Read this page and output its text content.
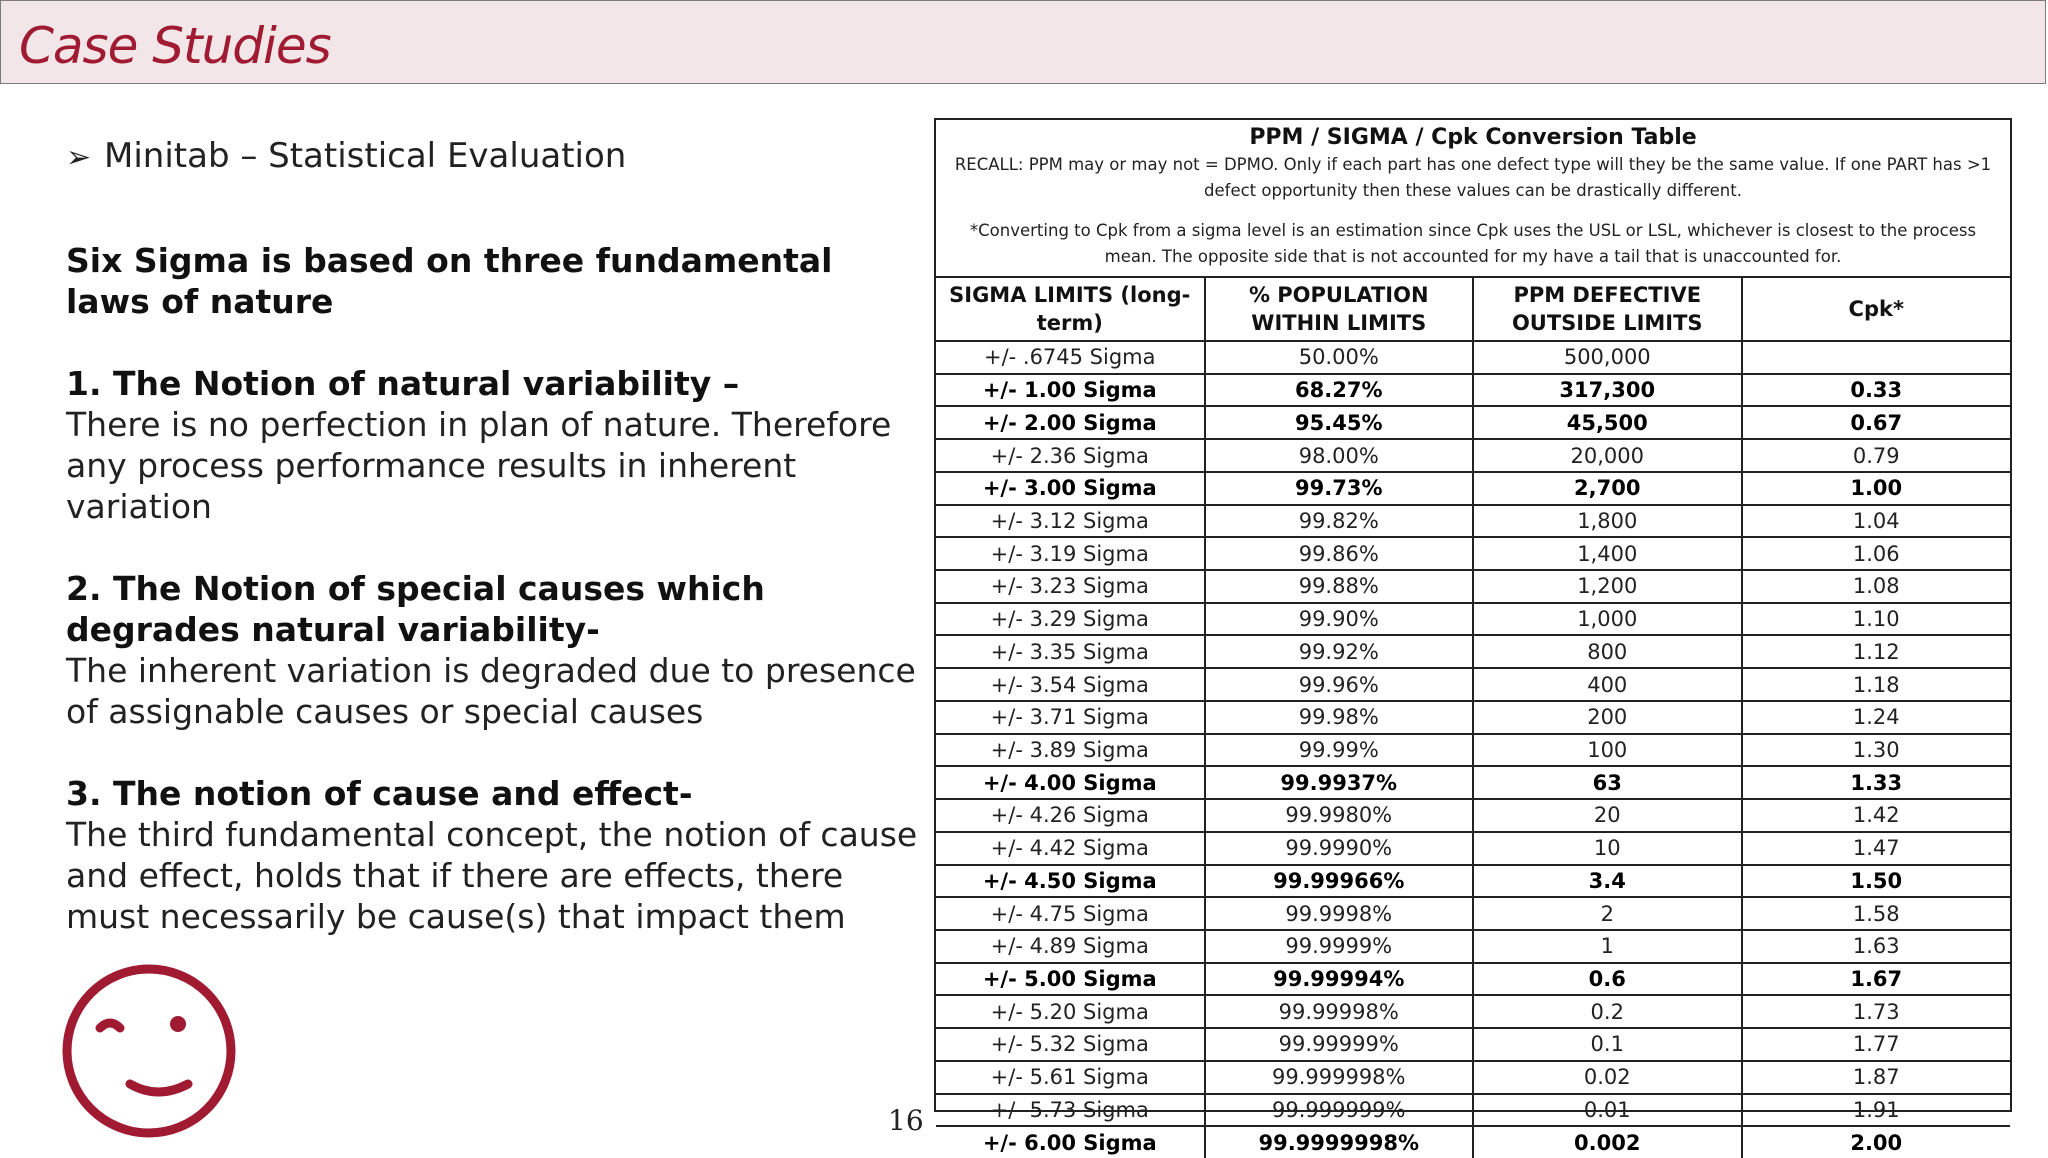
Case Studies
➢ Minitab – Statistical Evaluation
Six Sigma is based on three fundamental laws of nature
1. The Notion of natural variability –
There is no perfection in plan of nature. Therefore any process performance results in inherent variation
2. The Notion of special causes which degrades natural variability-
The inherent variation is degraded due to presence of assignable causes or special causes
3. The notion of cause and effect-
The third fundamental concept, the notion of cause and effect, holds that if there are effects, there must necessarily be cause(s) that impact them
16
PPM / SIGMA / Cpk Conversion Table
RECALL: PPM may or may not = DPMO. Only if each part has one defect type will they be the same value. If one PART has >1 defect opportunity then these values can be drastically different.
*Converting to Cpk from a sigma level is an estimation since Cpk uses the USL or LSL, whichever is closest to the process mean. The opposite side that is not accounted for my have a tail that is unaccounted for.
SIGMA LIMITS (long-term)	% POPULATION WITHIN LIMITS	PPM DEFECTIVE OUTSIDE LIMITS	Cpk*
+/- .6745 Sigma	50.00%	500,000	
+/- 1.00 Sigma	68.27%	317,300	0.33
+/- 2.00 Sigma	95.45%	45,500	0.67
+/- 2.36 Sigma	98.00%	20,000	0.79
+/- 3.00 Sigma	99.73%	2,700	1.00
+/- 3.12 Sigma	99.82%	1,800	1.04
+/- 3.19 Sigma	99.86%	1,400	1.06
+/- 3.23 Sigma	99.88%	1,200	1.08
+/- 3.29 Sigma	99.90%	1,000	1.10
+/- 3.35 Sigma	99.92%	800	1.12
+/- 3.54 Sigma	99.96%	400	1.18
+/- 3.71 Sigma	99.98%	200	1.24
+/- 3.89 Sigma	99.99%	100	1.30
+/- 4.00 Sigma	99.9937%	63	1.33
+/- 4.26 Sigma	99.9980%	20	1.42
+/- 4.42 Sigma	99.9990%	10	1.47
+/- 4.50 Sigma	99.99966%	3.4	1.50
+/- 4.75 Sigma	99.9998%	2	1.58
+/- 4.89 Sigma	99.9999%	1	1.63
+/- 5.00 Sigma	99.99994%	0.6	1.67
+/- 5.20 Sigma	99.99998%	0.2	1.73
+/- 5.32 Sigma	99.99999%	0.1	1.77
+/- 5.61 Sigma	99.999998%	0.02	1.87
+/- 5.73 Sigma	99.999999%	0.01	1.91
+/- 6.00 Sigma	99.9999998%	0.002	2.00
